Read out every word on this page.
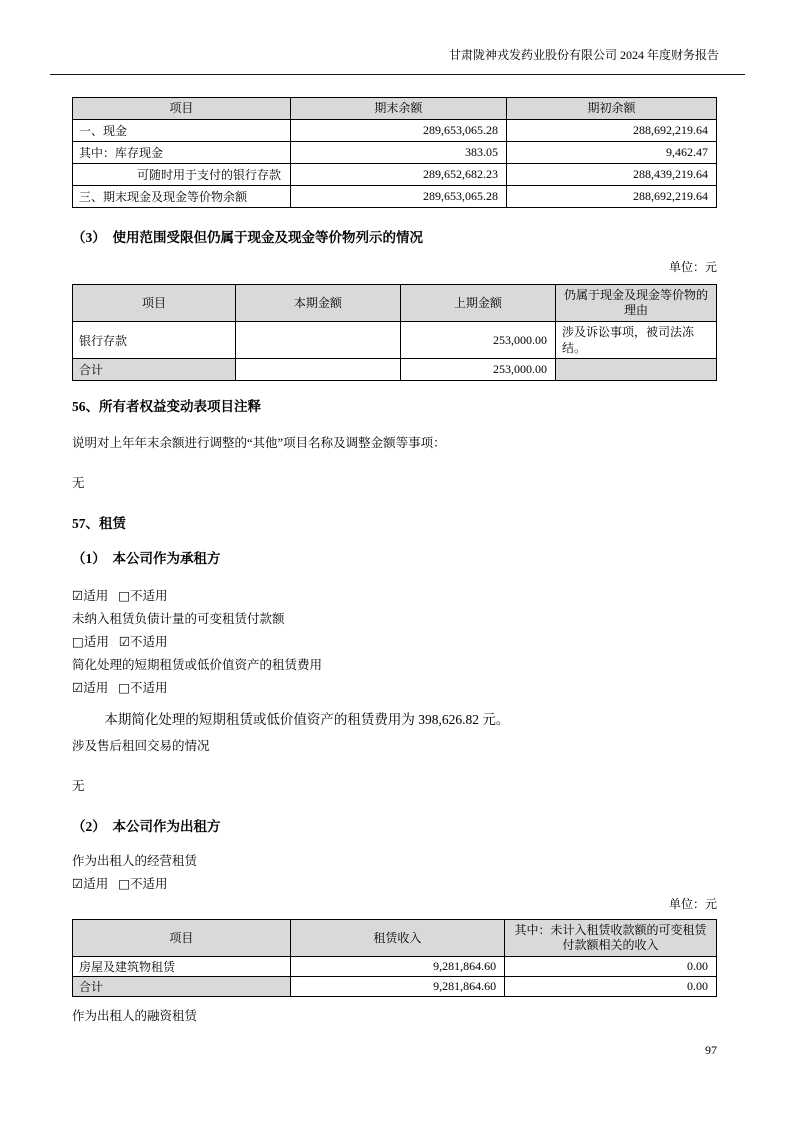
甘肃陇神戎发药业股份有限公司 2024 年度财务报告
项目	期末余额	期初余额
一、现金	289,653,065.28	288,692,219.64
其中：库存现金	383.05	9,462.47
可随时用于支付的银行存款	289,652,682.23	288,439,219.64
三、期末现金及现金等价物余额	289,653,065.28	288,692,219.64
（3）　使用范围受限但仍属于现金及现金等价物列示的情况
单位：元
项目	本期金额	上期金额	仍属于现金及现金等价物的理由
银行存款		253,000.00	涉及诉讼事项，被司法冻结。
合计		253,000.00	
56、所有者权益变动表项目注释
说明对上年年末余额进行调整的“其他”项目名称及调整金额等事项：
无
57、租赁
（1）　本公司作为承租方
☑适用 □不适用
未纳入租赁负债计量的可变租赁付款额
□适用 ☑不适用
简化处理的短期租赁或低价值资产的租赁费用
☑适用 □不适用
本期简化处理的短期租赁或低价值资产的租赁费用为 398,626.82 元。
涉及售后租回交易的情况
无
（2）　本公司作为出租方
作为出租人的经营租赁
☑适用 □不适用
单位：元
项目	租赁收入	其中：未计入租赁收款额的可变租赁付款额相关的收入
房屋及建筑物租赁	9,281,864.60	0.00
合计	9,281,864.60	0.00
作为出租人的融资租赁
97
